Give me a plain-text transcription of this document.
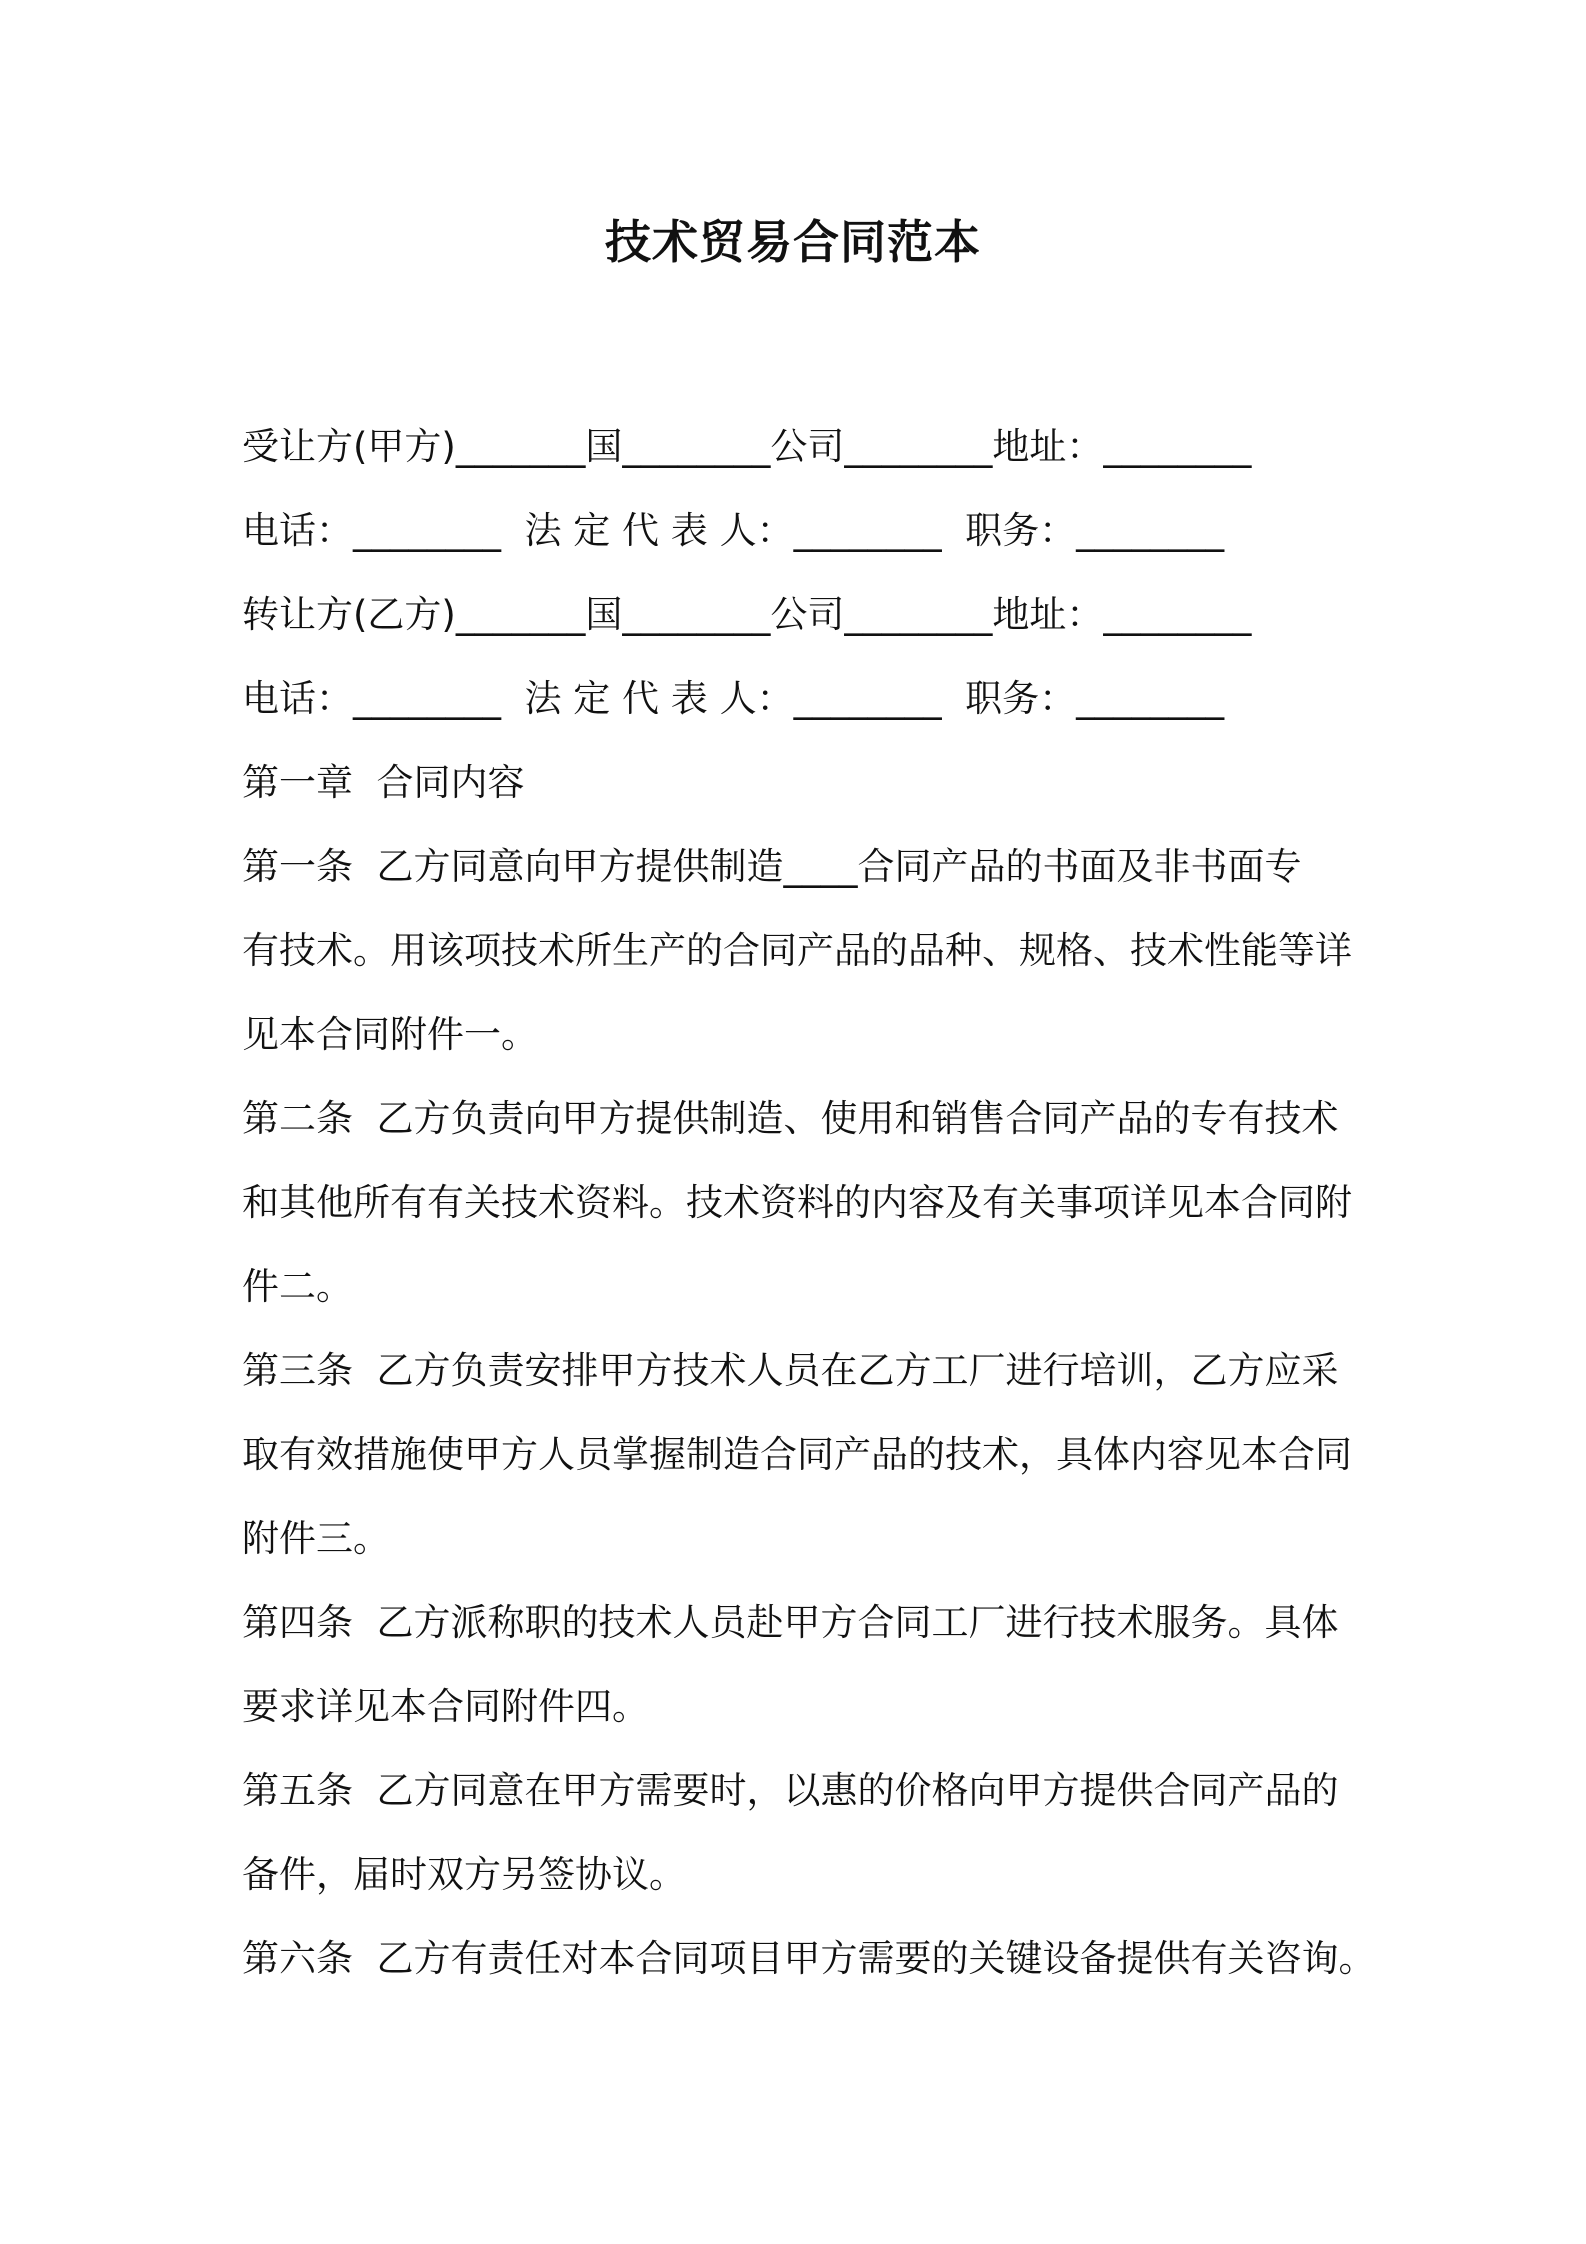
技术贸易合同范本
受让方(甲方)_______国________公司________地址：________
电话：________  法 定 代 表 人：________  职务：________
转让方(乙方)_______国________公司________地址：________
电话：________  法 定 代 表 人：________  职务：________
第一章  合同内容
第一条  乙方同意向甲方提供制造____合同产品的书面及非书面专
有技术。用该项技术所生产的合同产品的品种、规格、技术性能等详
见本合同附件一。
第二条  乙方负责向甲方提供制造、使用和销售合同产品的专有技术
和其他所有有关技术资料。技术资料的内容及有关事项详见本合同附
件二。
第三条  乙方负责安排甲方技术人员在乙方工厂进行培训，乙方应采
取有效措施使甲方人员掌握制造合同产品的技术，具体内容见本合同
附件三。
第四条  乙方派称职的技术人员赴甲方合同工厂进行技术服务。具体
要求详见本合同附件四。
第五条  乙方同意在甲方需要时，以惠的价格向甲方提供合同产品的
备件，届时双方另签协议。
第六条  乙方有责任对本合同项目甲方需要的关键设备提供有关咨询。
